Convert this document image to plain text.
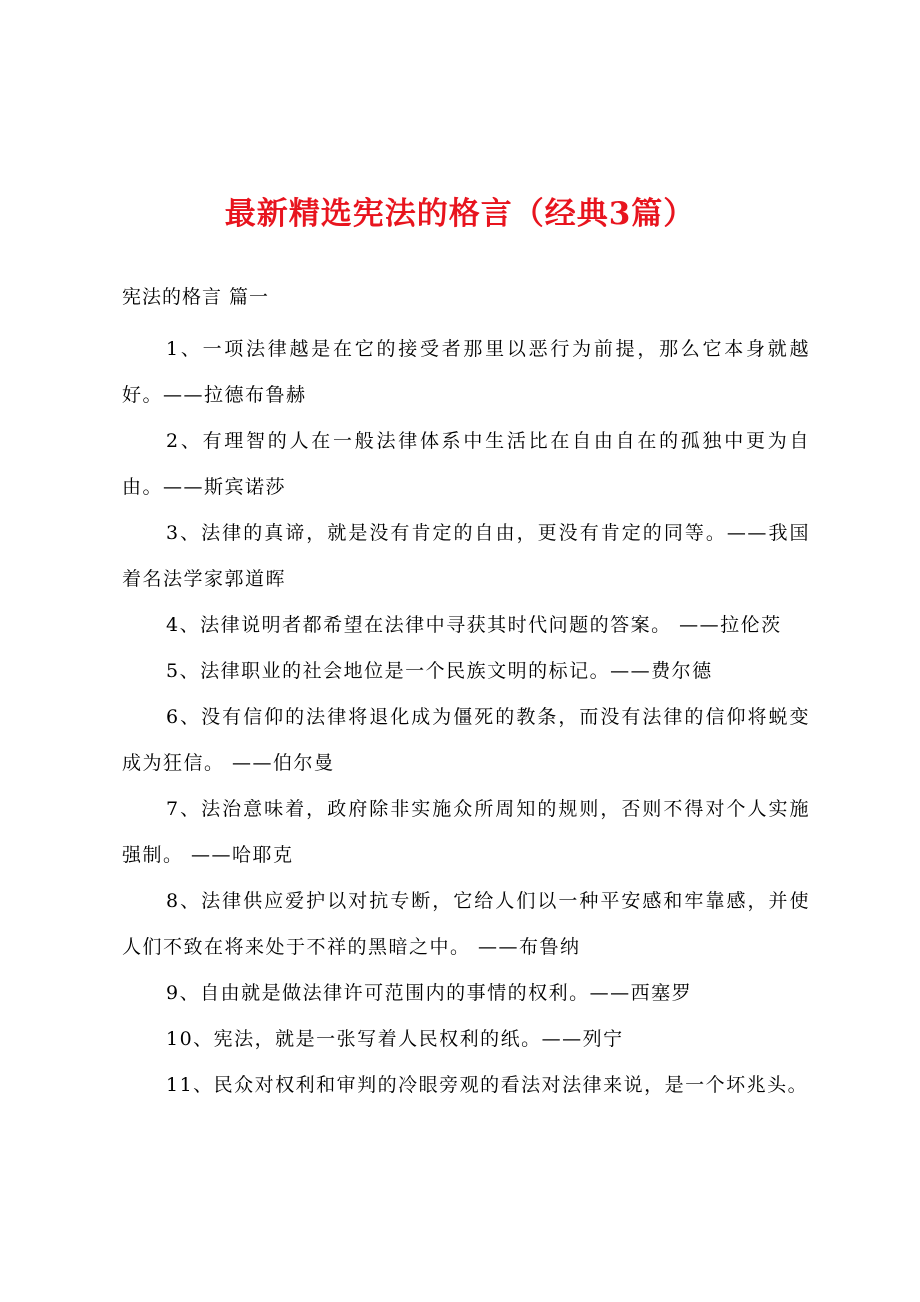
最新精选宪法的格言（经典3篇）

宪法的格言 篇一

1、一项法律越是在它的接受者那里以恶行为前提，那么它本身就越好。——拉德布鲁赫
2、有理智的人在一般法律体系中生活比在自由自在的孤独中更为自由。——斯宾诺莎
3、法律的真谛，就是没有肯定的自由，更没有肯定的同等。——我国着名法学家郭道晖
4、法律说明者都希望在法律中寻获其时代问题的答案。 ——拉伦茨
5、法律职业的社会地位是一个民族文明的标记。——费尔德
6、没有信仰的法律将退化成为僵死的教条，而没有法律的信仰将蜕变成为狂信。 ——伯尔曼
7、法治意味着，政府除非实施众所周知的规则，否则不得对个人实施强制。 ——哈耶克
8、法律供应爱护以对抗专断，它给人们以一种平安感和牢靠感，并使人们不致在将来处于不祥的黑暗之中。 ——布鲁纳
9、自由就是做法律许可范围内的事情的权利。——西塞罗
10、宪法，就是一张写着人民权利的纸。——列宁
11、民众对权利和审判的冷眼旁观的看法对法律来说，是一个坏兆头。
